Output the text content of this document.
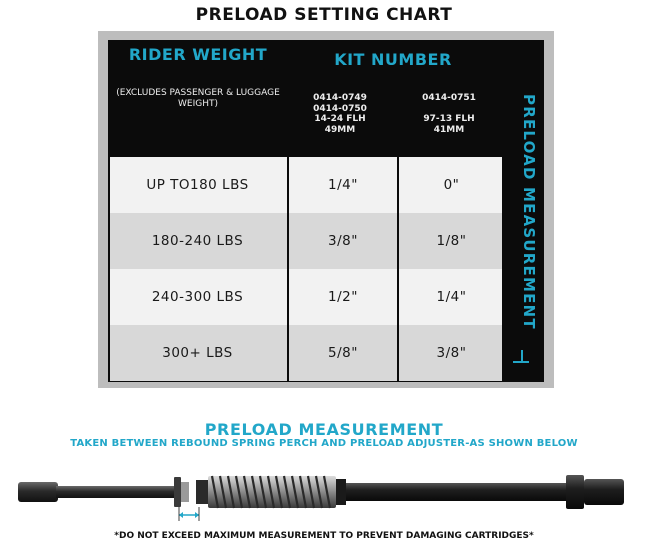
PRELOAD SETTING CHART
RIDER WEIGHT
(EXCLUDES PASSENGER & LUGGAGE WEIGHT)
KIT NUMBER
0414-0749
0414-0750
14-24 FLH
49MM
0414-0751
97-13 FLH
41MM
UP TO180 LBS	1/4"	0"
180-240 LBS	3/8"	1/8"
240-300 LBS	1/2"	1/4"
300+ LBS	5/8"	3/8"
PRELOAD MEASUREMENT
PRELOAD MEASUREMENT
TAKEN BETWEEN REBOUND SPRING PERCH AND PRELOAD ADJUSTER-AS SHOWN BELOW
*DO NOT EXCEED MAXIMUM MEASUREMENT TO PREVENT DAMAGING CARTRIDGES*
